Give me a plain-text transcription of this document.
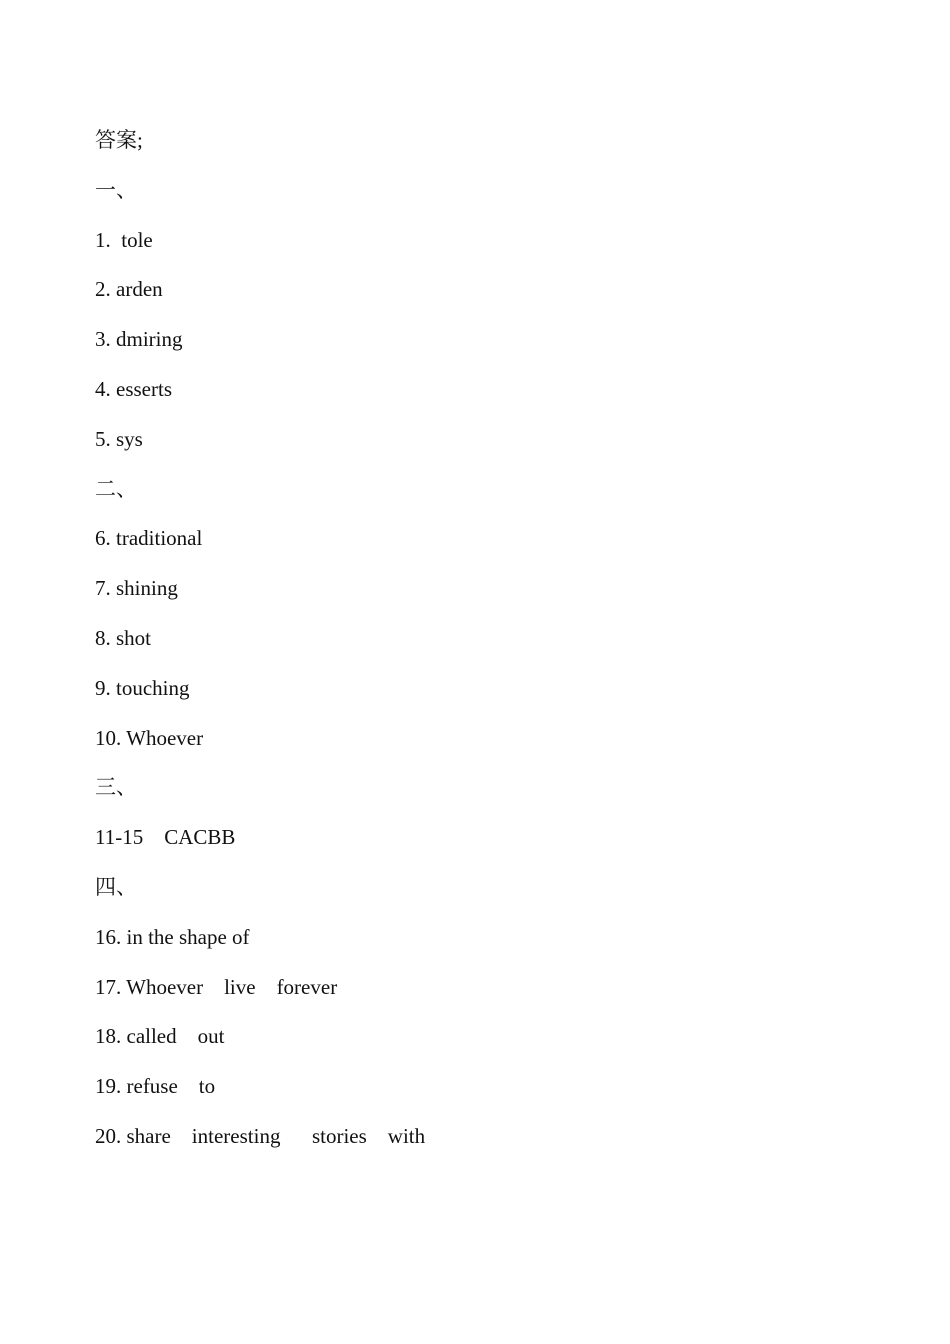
答案;
一、
1.  tole
2. arden
3. dmiring
4. esserts
5. sys
二、
6. traditional
7. shining
8. shot
9. touching
10. Whoever
三、
11-15    CACBB
四、
16. in the shape of
17. Whoever    live    forever
18. called    out
19. refuse    to
20. share    interesting      stories    with
